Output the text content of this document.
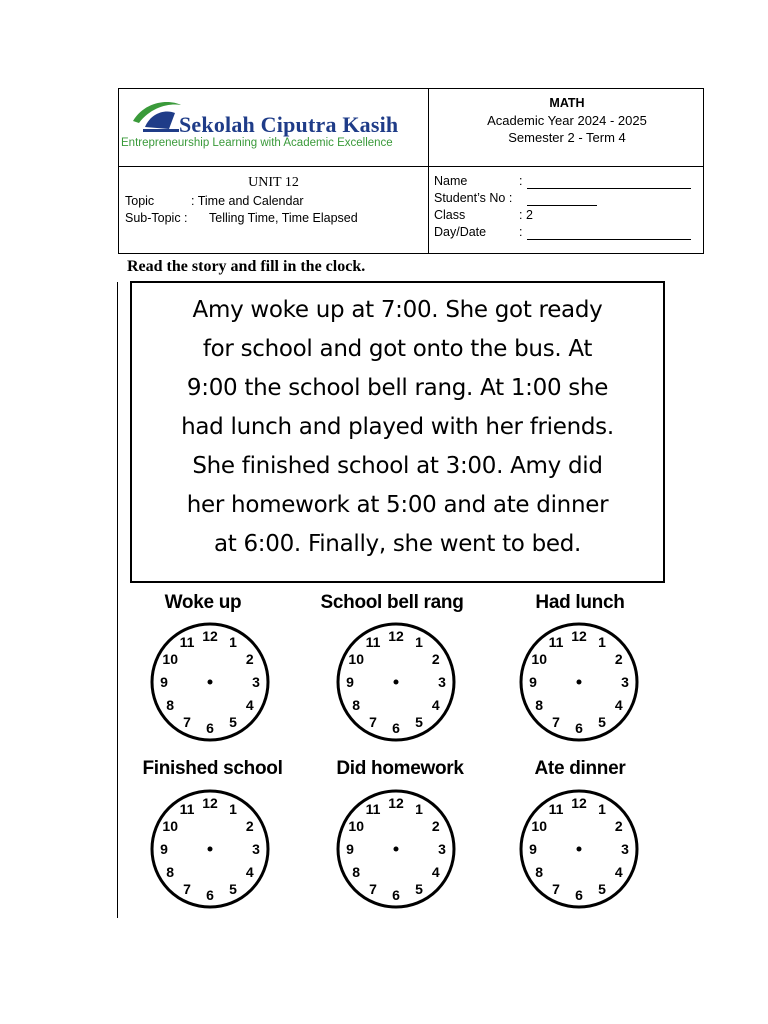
Sekolah Ciputra Kasih
Entrepreneurship Learning with Academic Excellence
MATH
Academic Year 2024 - 2025
Semester 2 - Term 4
UNIT 12
Topic	: Time and Calendar
Sub-Topic : Telling Time, Time Elapsed
Name	:
Student’s No :
Class	: 2
Day/Date	:
Read the story and fill in the clock.
Amy woke up at 7:00. She got ready
for school and got onto the bus. At
9:00 the school bell rang. At 1:00 she
had lunch and played with her friends.
She finished school at 3:00. Amy did
her homework at 5:00 and ate dinner
at 6:00. Finally, she went to bed.
Woke up	School bell rang	Had lunch
Finished school	Did homework	Ate dinner
12 1
2
3
4
5
6
7
8
9
10
11	12 1
2
3
4
5
6
7
8
9
10
11	12 1
2
3
4
5
6
7
8
9
10
11
12 1
2
3
4
5
6
7
8
9
10
11	12 1
2
3
4
5
6
7
8
9
10
11	12 1
2
3
4
5
6
7
8
9
10
11
